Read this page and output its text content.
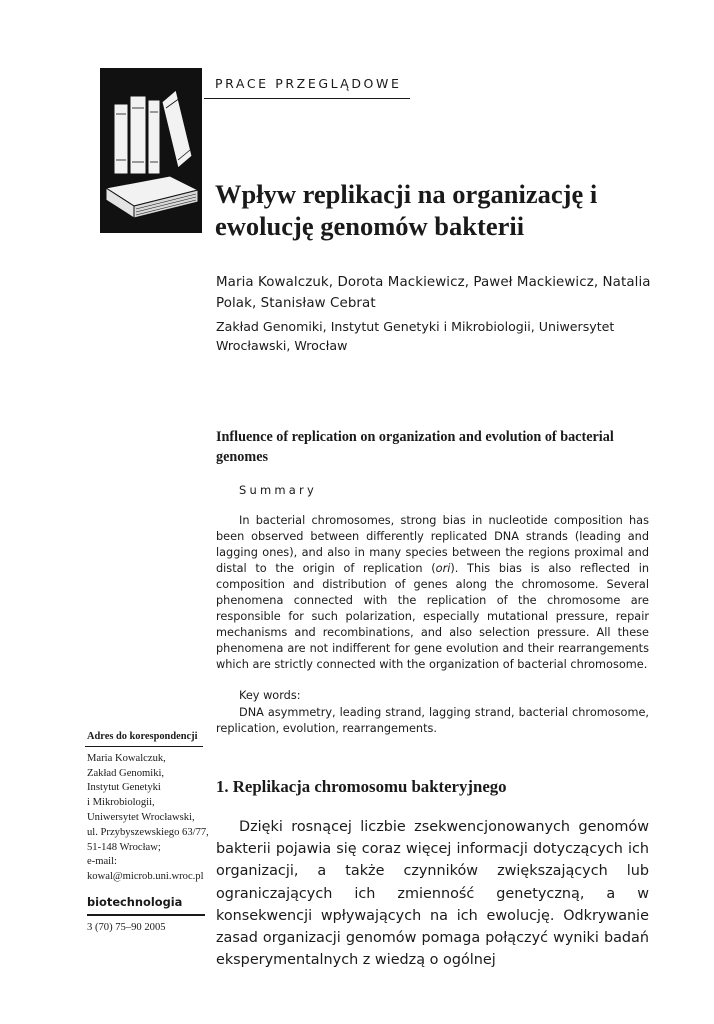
PRACE PRZEGLĄDOWE
Wpływ replikacji na organizację i ewolucję genomów bakterii
Maria Kowalczuk, Dorota Mackiewicz, Paweł Mackiewicz, Natalia Polak, Stanisław Cebrat
Zakład Genomiki, Instytut Genetyki i Mikrobiologii, Uniwersytet Wrocławski, Wrocław
Influence of replication on organization and evolution of bacterial genomes
Summary
In bacterial chromosomes, strong bias in nucleotide composition has been observed between differently replicated DNA strands (leading and lagging ones), and also in many species between the regions proximal and distal to the origin of replication (ori). This bias is also reflected in composition and distribution of genes along the chromosome. Several phenomena connected with the replication of the chromosome are responsible for such polarization, especially mutational pressure, repair mechanisms and recombinations, and also selection pressure. All these phenomena are not indifferent for gene evolution and their rearrangements which are strictly connected with the organization of bacterial chromosome.
Key words:
DNA asymmetry, leading strand, lagging strand, bacterial chromosome, replication, evolution, rearrangements.
Adres do korespondencji
Maria Kowalczuk,
Zakład Genomiki,
Instytut Genetyki
i Mikrobiologii,
Uniwersytet Wrocławski,
ul. Przybyszewskiego 63/77,
51-148 Wrocław;
e-mail:
kowal@microb.uni.wroc.pl
biotechnologia
3 (70) 75–90 2005
1. Replikacja chromosomu bakteryjnego
Dzięki rosnącej liczbie zsekwencjonowanych genomów bakterii pojawia się coraz więcej informacji dotyczących ich organizacji, a także czynników zwiększających lub ograniczających ich zmienność genetyczną, a w konsekwencji wpływających na ich ewolucję. Odkrywanie zasad organizacji genomów pomaga połączyć wyniki badań eksperymentalnych z wiedzą o ogólnej
